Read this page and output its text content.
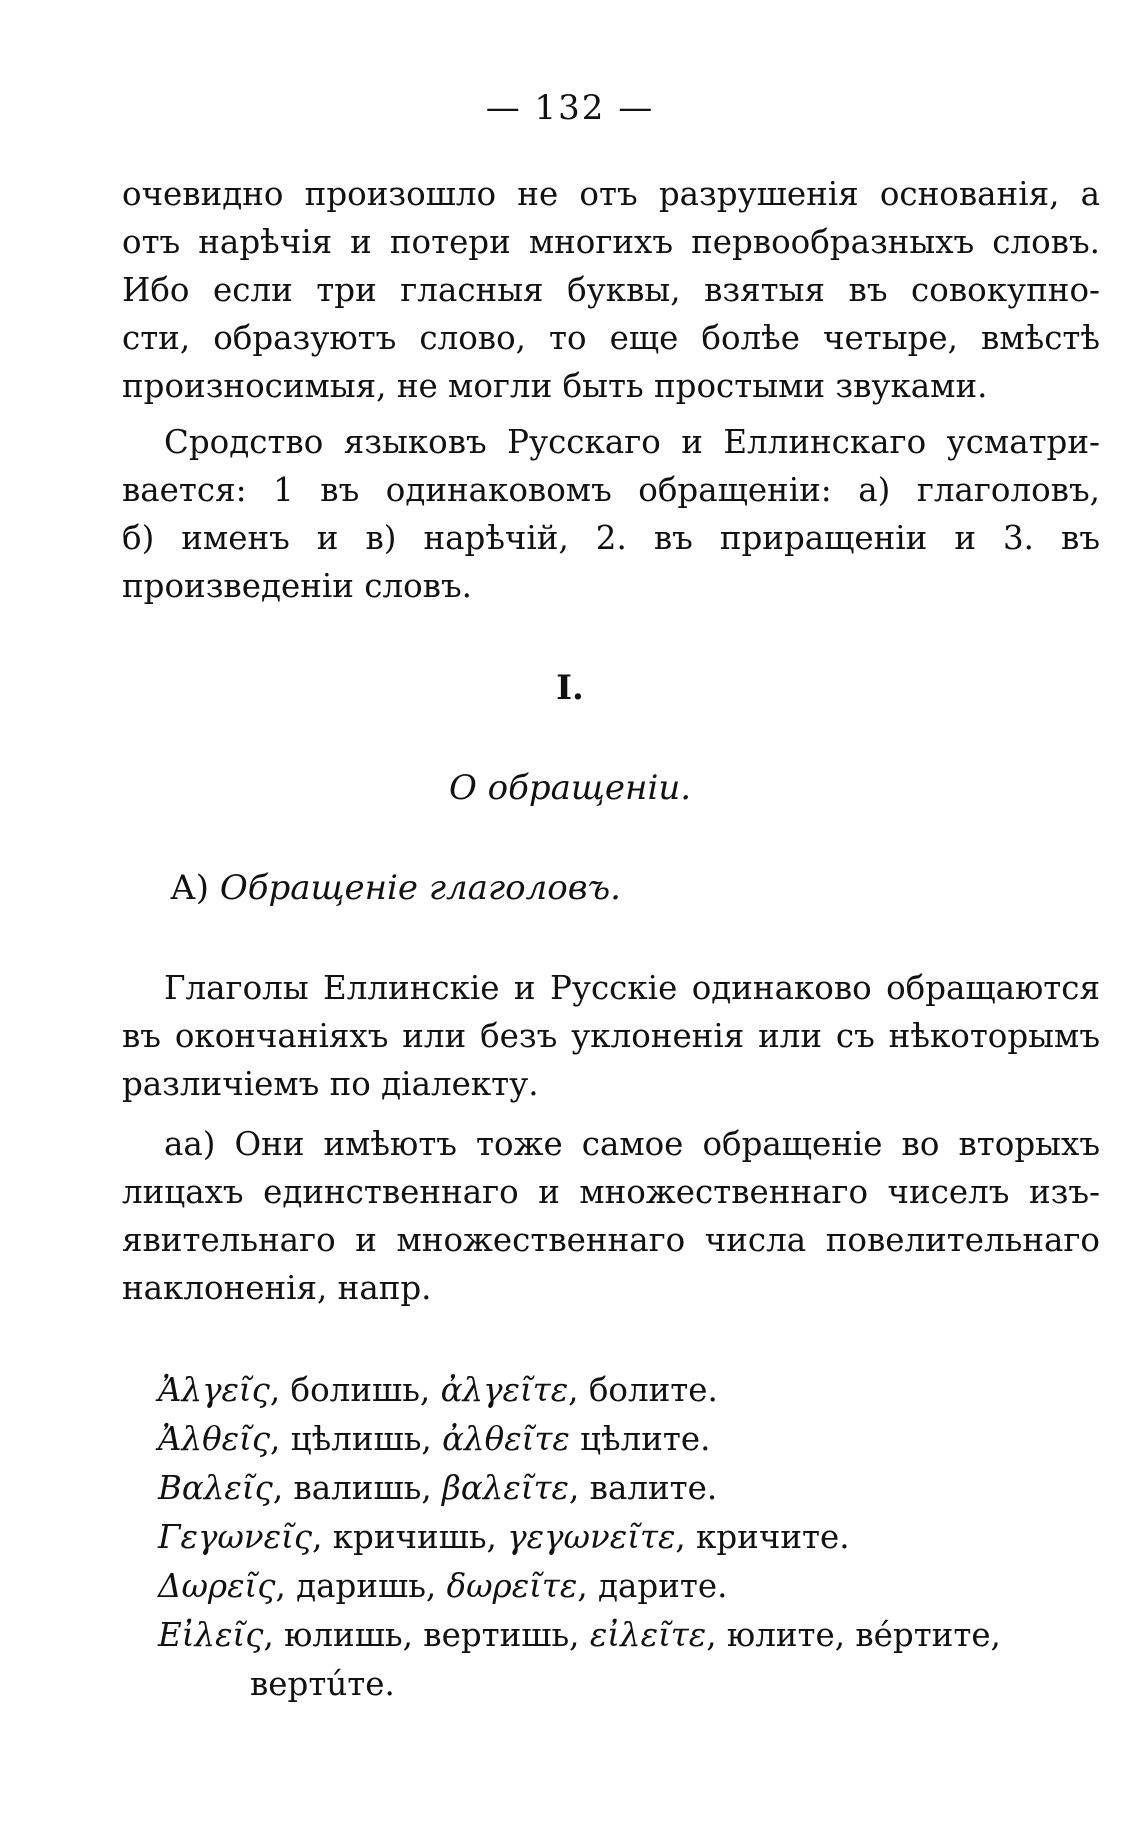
— 132 —
очевидно произошло не отъ разрушенія основанія, а
отъ нарѣчія и потери многихъ первообразныхъ словъ.
Ибо если три гласныя буквы, взятыя въ совокупно-
сти, образуютъ слово, то еще болѣе четыре, вмѣстѣ
произносимыя, не могли быть простыми звуками.
Сродство языковъ Русскаго и Еллинскаго усматри-
вается: 1 въ одинаковомъ обращеніи: а) глаголовъ,
б) именъ и в) нарѣчій, 2. въ приращеніи и 3. въ
произведеніи словъ.
I.
О обращеніи.
А) Обращеніе глаголовъ.
Глаголы Еллинскіе и Русскіе одинаково обращаются
въ окончаніяхъ или безъ уклоненія или съ нѣкоторымъ
различіемъ по діалекту.
аа) Они имѣютъ тоже самое обращеніе во вторыхъ
лицахъ единственнаго и множественнаго чиселъ изъ-
явительнаго и множественнаго числа повелительнаго
наклоненія, напр.
Ἀλγεῖς, болишь, ἀλγεῖτε, болите.
Ἀλθεῖς, цѣлишь, ἀλθεῖτε цѣлите.
Βαλεῖς, валишь, βαλεῖτε, валите.
Γεγωνεῖς, кричишь, γεγωνεῖτε, кричите.
Δωρεῖς, даришь, δωρεῖτε, дарите.
Εἰλεῖς, юлишь, вертишь, εἰλεῖτε, юлите, вéртите,
вертúте.
